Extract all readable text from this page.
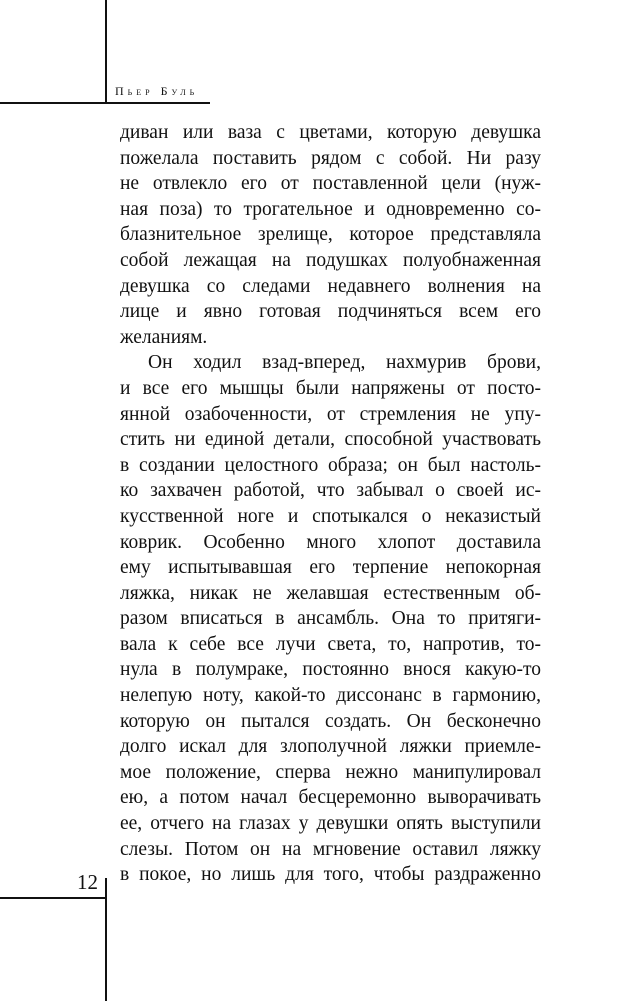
Пьер Буль
диван или ваза с цветами, которую девушка
пожелала поставить рядом с собой. Ни разу
не отвлекло его от поставленной цели (нуж-
ная поза) то трогательное и одновременно со-
блазнительное зрелище, которое представляла
собой лежащая на подушках полуобнаженная
девушка со следами недавнего волнения на
лице и явно готовая подчиняться всем его
желаниям.
Он ходил взад-вперед, нахмурив брови,
и все его мышцы были напряжены от посто-
янной озабоченности, от стремления не упу-
стить ни единой детали, способной участвовать
в создании целостного образа; он был настоль-
ко захвачен работой, что забывал о своей ис-
кусственной ноге и спотыкался о неказистый
коврик. Особенно много хлопот доставила
ему испытывавшая его терпение непокорная
ляжка, никак не желавшая естественным об-
разом вписаться в ансамбль. Она то притяги-
вала к себе все лучи света, то, напротив, то-
нула в полумраке, постоянно внося какую-то
нелепую ноту, какой-то диссонанс в гармонию,
которую он пытался создать. Он бесконечно
долго искал для злополучной ляжки приемле-
мое положение, сперва нежно манипулировал
ею, а потом начал бесцеремонно выворачивать
ее, отчего на глазах у девушки опять выступили
слезы. Потом он на мгновение оставил ляжку
в покое, но лишь для того, чтобы раздраженно
12
